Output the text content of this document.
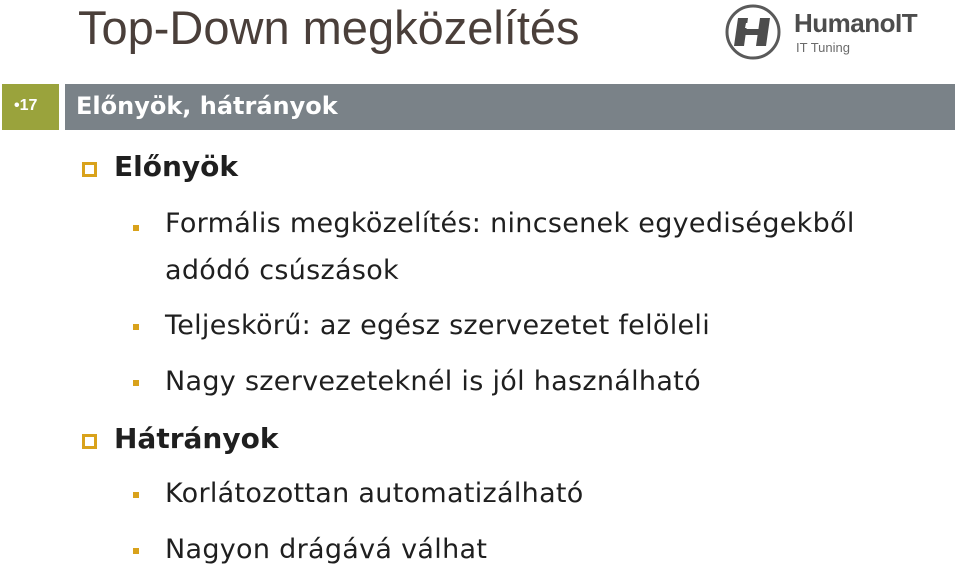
Top-Down megközelítés	HumanoIT
IT Tuning
•17 Előnyök, hátrányok
Előnyök
Formális megközelítés: nincsenek egyediségekből
adódó csúszások
Teljeskörű: az egész szervezetet felöleli
Nagy szervezeteknél is jól használható
Hátrányok
Korlátozottan automatizálható
Nagyon drágává válhat
